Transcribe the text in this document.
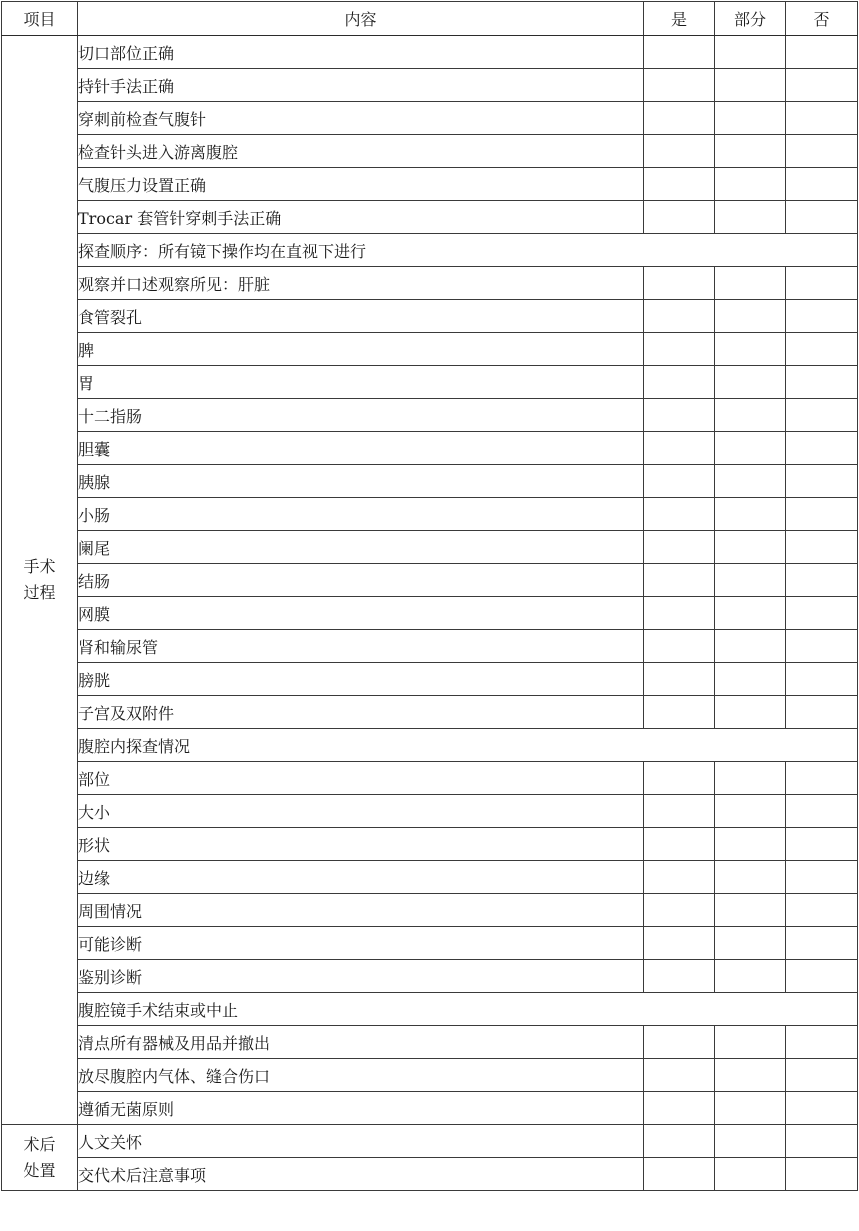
项目	内容	是	部分	否

手术
过程	切口部位正确			
	持针手法正确			
	穿刺前检查气腹针			
	检查针头进入游离腹腔			
	气腹压力设置正确			
	Trocar 套管针穿刺手法正确			
	探查顺序：所有镜下操作均在直视下进行			
	观察并口述观察所见：肝脏			
	食管裂孔			
	脾			
	胃			
	十二指肠			
	胆囊			
	胰腺			
	小肠			
	阑尾			
	结肠			
	网膜			
	肾和输尿管			
	膀胱			
	子宫及双附件			
	腹腔内探查情况			
	部位			
	大小			
	形状			
	边缘			
	周围情况			
	可能诊断			
	鉴别诊断			
	腹腔镜手术结束或中止			
	清点所有器械及用品并撤出			
	放尽腹腔内气体、缝合伤口			
	遵循无菌原则			

术后
处置	人文关怀			
	交代术后注意事项			
